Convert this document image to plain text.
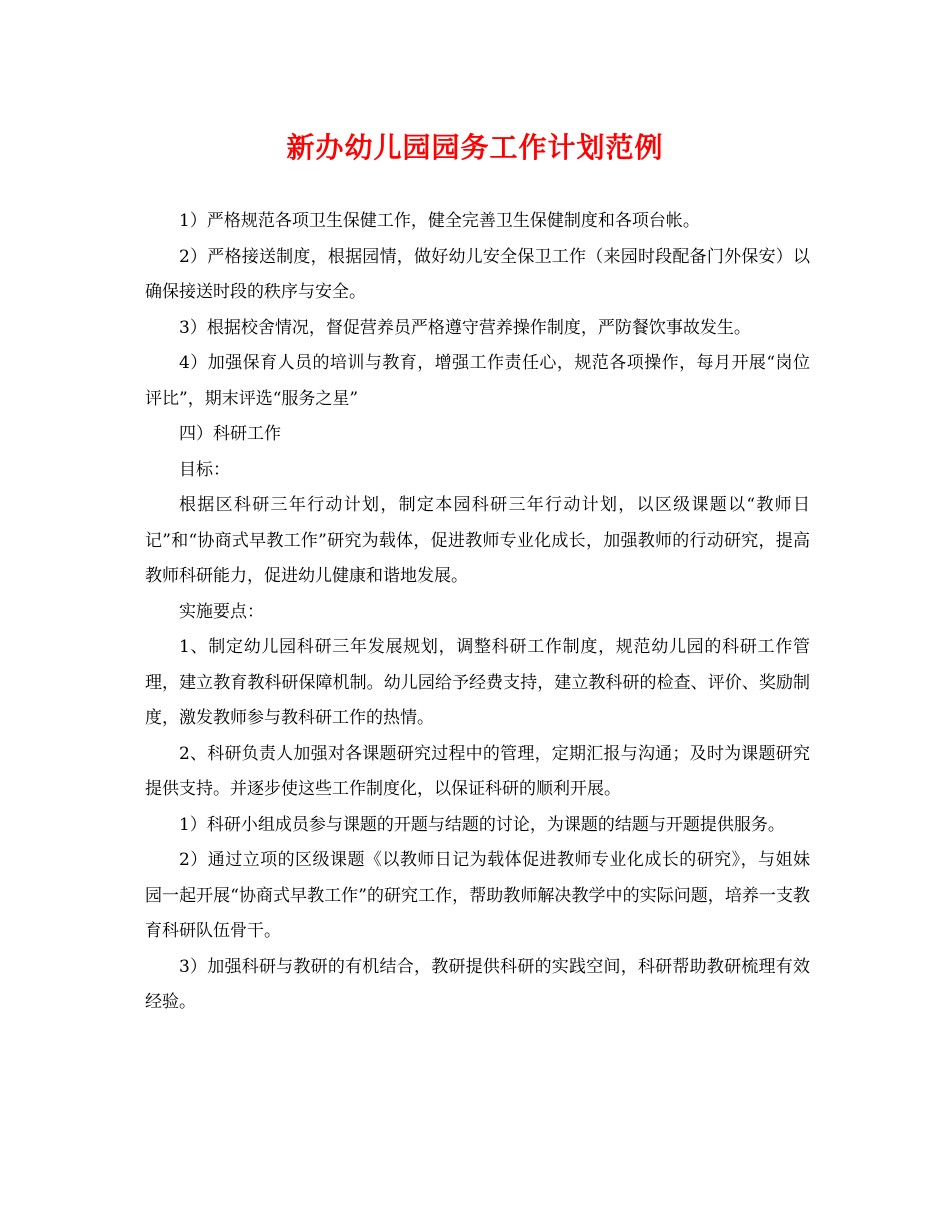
新办幼儿园园务工作计划范例

1）严格规范各项卫生保健工作，健全完善卫生保健制度和各项台帐。

2）严格接送制度，根据园情，做好幼儿安全保卫工作（来园时段配备门外保安）以确保接送时段的秩序与安全。

3）根据校舍情况，督促营养员严格遵守营养操作制度，严防餐饮事故发生。

4）加强保育人员的培训与教育，增强工作责任心，规范各项操作，每月开展“岗位评比”，期末评选“服务之星”

四）科研工作

目标：

根据区科研三年行动计划，制定本园科研三年行动计划，以区级课题以“教师日记”和“协商式早教工作”研究为载体，促进教师专业化成长，加强教师的行动研究，提高教师科研能力，促进幼儿健康和谐地发展。

实施要点：

1、制定幼儿园科研三年发展规划，调整科研工作制度，规范幼儿园的科研工作管理，建立教育教科研保障机制。幼儿园给予经费支持，建立教科研的检查、评价、奖励制度，激发教师参与教科研工作的热情。

2、科研负责人加强对各课题研究过程中的管理，定期汇报与沟通；及时为课题研究提供支持。并逐步使这些工作制度化，以保证科研的顺利开展。

1）科研小组成员参与课题的开题与结题的讨论，为课题的结题与开题提供服务。

2）通过立项的区级课题《以教师日记为载体促进教师专业化成长的研究》，与姐妹园一起开展“协商式早教工作”的研究工作，帮助教师解决教学中的实际问题，培养一支教育科研队伍骨干。

3）加强科研与教研的有机结合，教研提供科研的实践空间，科研帮助教研梳理有效经验。
